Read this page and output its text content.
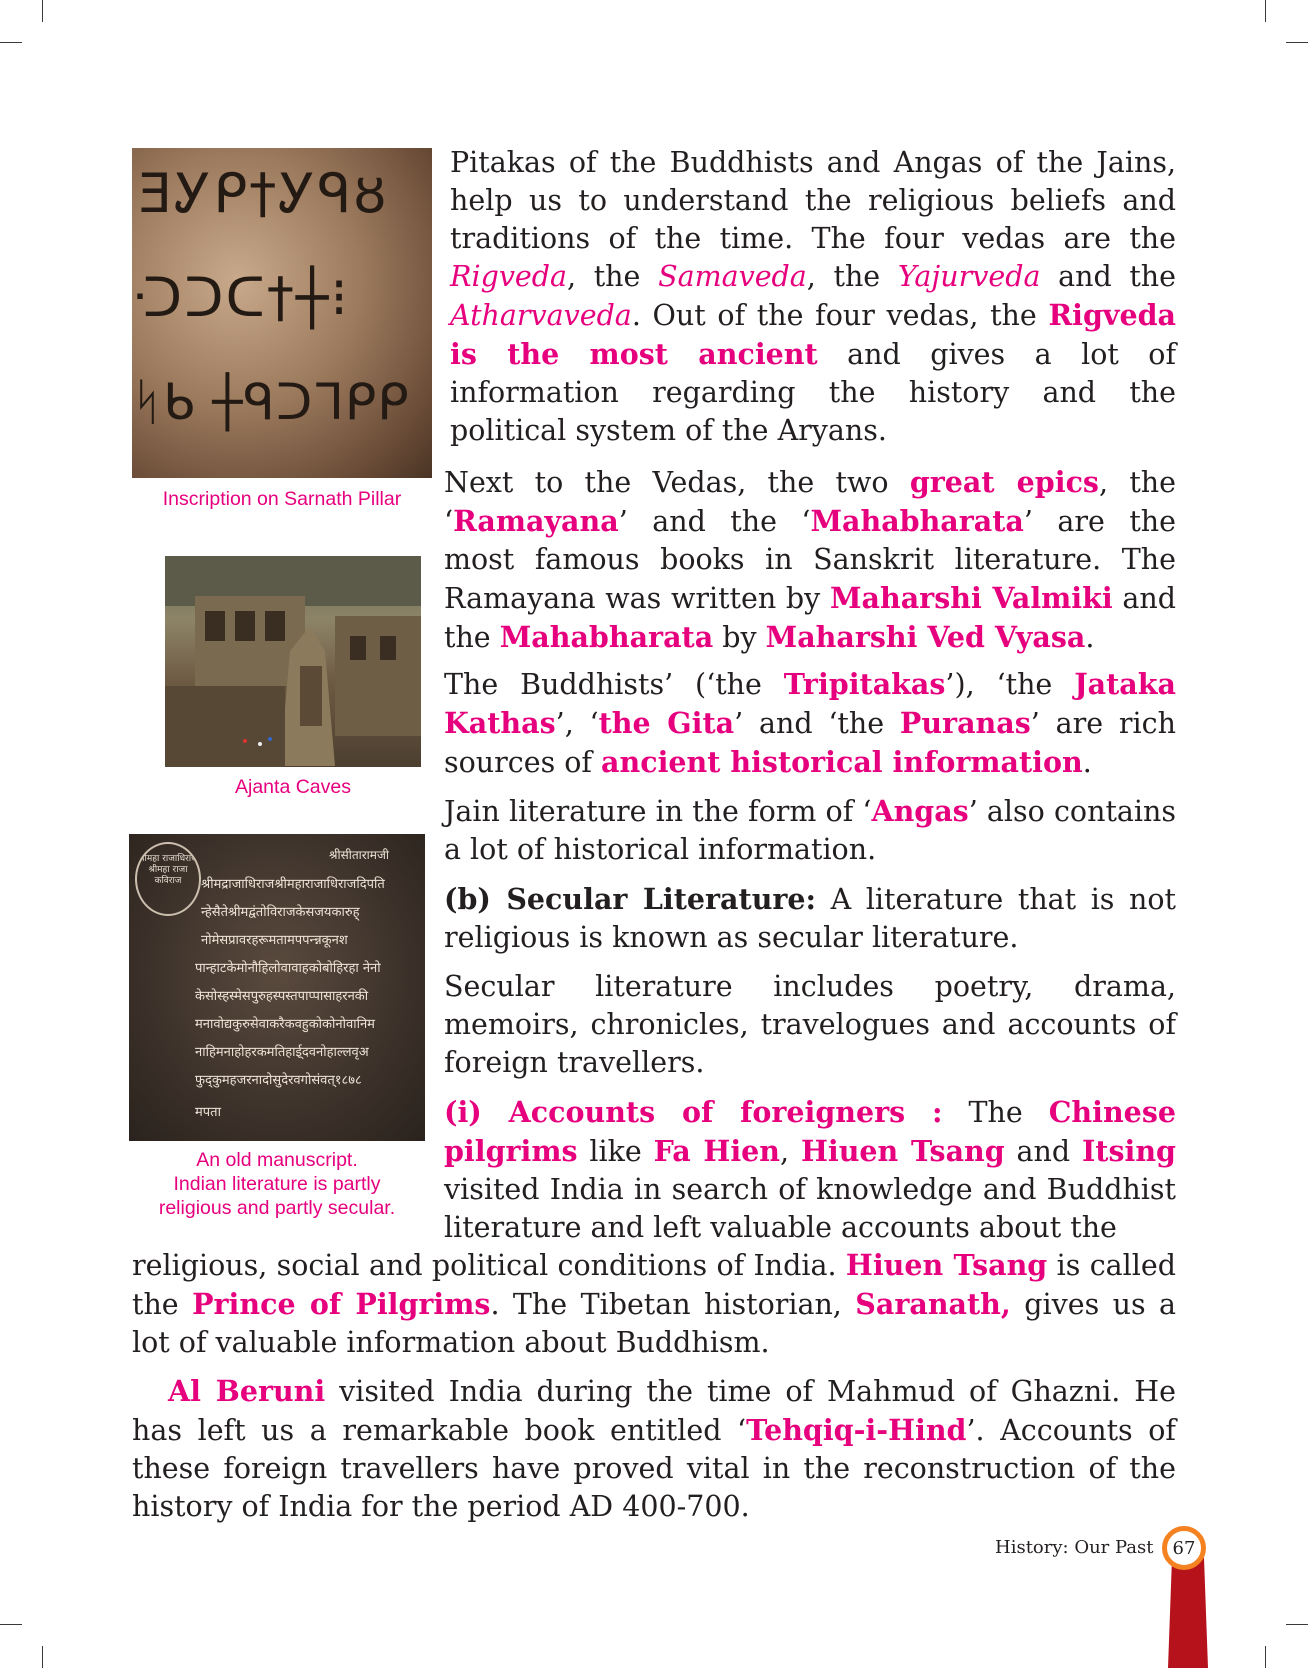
ƎᎩᑭ†Ꭹᑫȣ
ᑝᑐᑕ†┼⁝
ᛋᑲ ┼ᑫᑐᒣᑭᑭ
Inscription on Sarnath Pillar
Ajanta Caves
श्रीमहा राजाधिराज श्रीमहा राजा कविराज
श्रीसीतारामजी
श्रीमद्राजाधिराजश्रीमहाराजाधिराजदिपति
न्हेसैतेश्रीमद्वंतोविराजकेसजयकारुह्
नोमेसप्रावरहरूमतामपपन्न्नकूनश
पान्हाटकेमोनौहिलोवावाहकोबोहिरहा नेनो
केसोस्हस्मेसपुरुहस्पस्तपाप्पासाहरनकी
मनावोद्यकुरुसेवाकरैकवहुकोकोनोवानिम
नाहिमनाहोहरकमतिहाई्दवनोहाल्लवृअ
फुद्कुमहजरनादोसुदेरवगोसंवत्१८७८
मपता
An old manuscript.
Indian literature is partly
religious and partly secular.

Pitakas of the Buddhists and Angas of the Jains, help us to understand the religious beliefs and traditions of the time. The four vedas are the Rigveda, the Samaveda, the Yajurveda and the Atharvaveda. Out of the four vedas, the Rigveda is the most ancient and gives a lot of information regarding the history and the political system of the Aryans.

Next to the Vedas, the two great epics, the ‘Ramayana’ and the ‘Mahabharata’ are the most famous books in Sanskrit literature. The Ramayana was written by Maharshi Valmiki and the Mahabharata by Maharshi Ved Vyasa.

The Buddhists’ (‘the Tripitakas’), ‘the Jataka Kathas’, ‘the Gita’ and ‘the Puranas’ are rich sources of ancient historical information.

Jain literature in the form of ‘Angas’ also contains a lot of historical information.

(b) Secular Literature: A literature that is not religious is known as secular literature.

Secular literature includes poetry, drama, memoirs, chronicles, travelogues and accounts of foreign travellers.

(i) Accounts of foreigners : The Chinese pilgrims like Fa Hien, Hiuen Tsang and Itsing visited India in search of knowledge and Buddhist literature and left valuable accounts about the

religious, social and political conditions of India. Hiuen Tsang is called the Prince of Pilgrims. The Tibetan historian, Saranath, gives us a lot of valuable information about Buddhism.

Al Beruni visited India during the time of Mahmud of Ghazni. He has left us a remarkable book entitled ‘Tehqiq-i-Hind’. Accounts of these foreign travellers have proved vital in the reconstruction of the history of India for the period AD 400-700.

History: Our Past 67
